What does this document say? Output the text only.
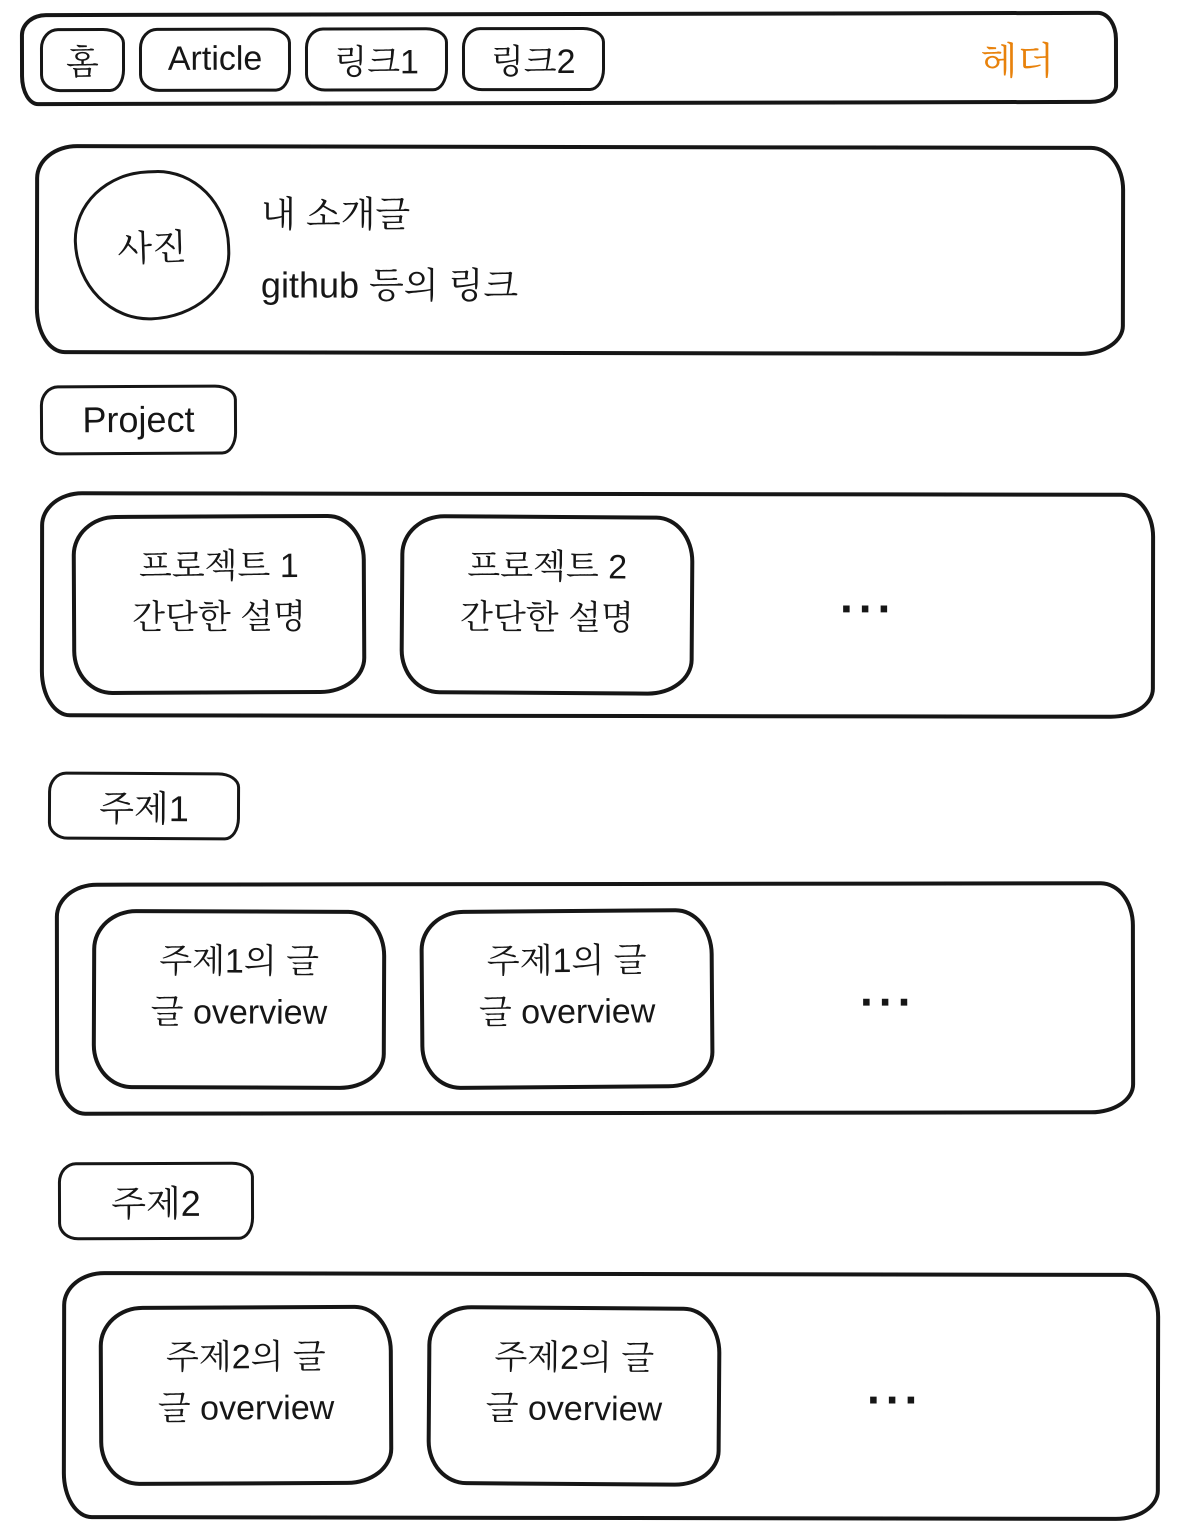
홈	Article	링크1	링크2	헤더
사진
내 소개글
github 등의 링크
Project
프로젝트 1
간단한 설명
프로젝트 2
간단한 설명	...
주제1
주제1의 글
글 overview
주제1의 글
글 overview	...
주제2
주제2의 글
글 overview
주제2의 글
글 overview	...
